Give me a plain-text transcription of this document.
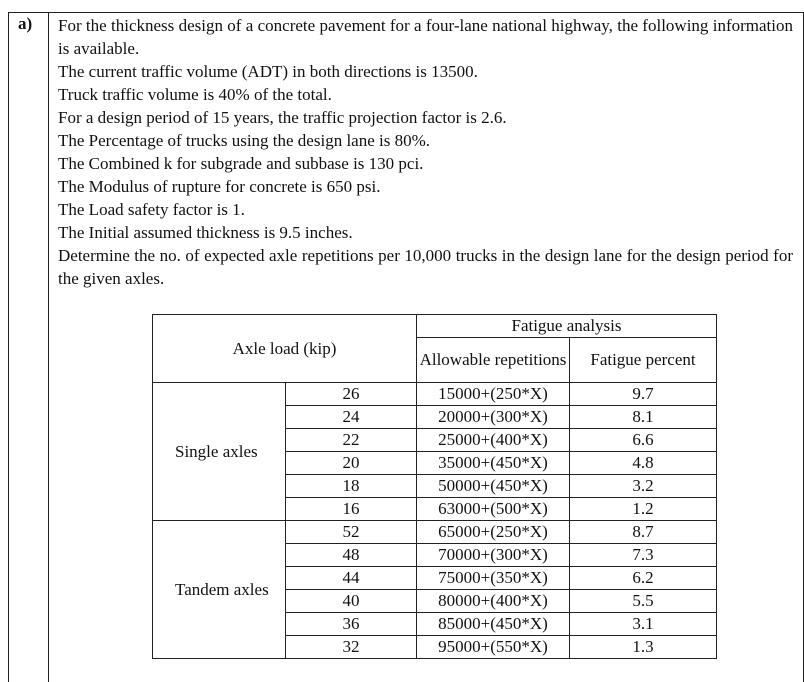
a) For the thickness design of a concrete pavement for a four-lane national highway, the following information is available.

The current traffic volume (ADT) in both directions is 13500.

Truck traffic volume is 40% of the total.

For a design period of 15 years, the traffic projection factor is 2.6.

The Percentage of trucks using the design lane is 80%.

The Combined k for subgrade and subbase is 130 pci.

The Modulus of rupture for concrete is 650 psi.

The Load safety factor is 1.

The Initial assumed thickness is 9.5 inches.

Determine the no. of expected axle repetitions per 10,000 trucks in the design lane for the design period for the given axles.

Axle load (kip)		Fatigue analysis	
		Allowable repetitions	Fatigue percent
Single axles	26	15000+(250*X)	9.7
	24	20000+(300*X)	8.1
	22	25000+(400*X)	6.6
	20	35000+(450*X)	4.8
	18	50000+(450*X)	3.2
	16	63000+(500*X)	1.2
Tandem axles	52	65000+(250*X)	8.7
	48	70000+(300*X)	7.3
	44	75000+(350*X)	6.2
	40	80000+(400*X)	5.5
	36	85000+(450*X)	3.1
	32	95000+(550*X)	1.3
